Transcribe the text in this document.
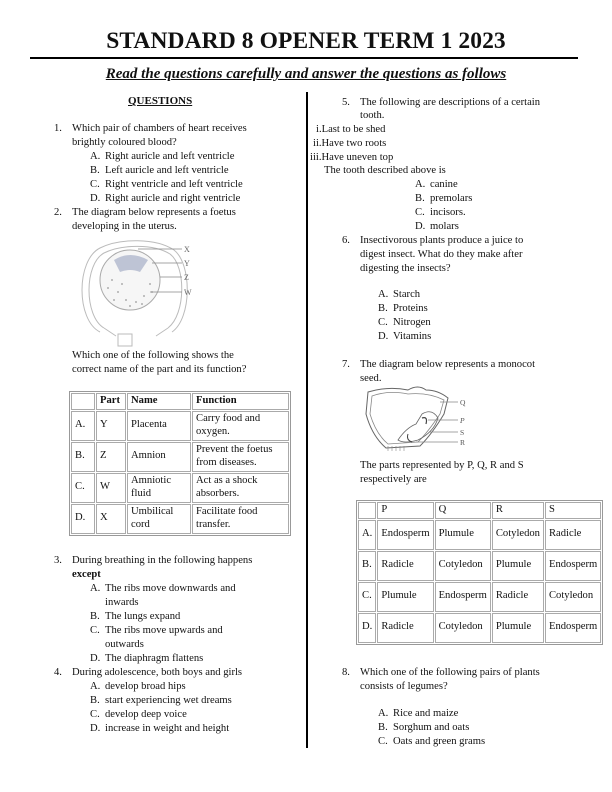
STANDARD 8 OPENER TERM 1 2023
Read the questions carefully and answer the questions as follows
QUESTIONS
1. Which pair of chambers of heart receives
brightly coloured blood?
A. Right auricle and left ventricle
B. Left auricle and left ventricle
C. Right ventricle and left ventricle
D. Right auricle and right ventricle
2. The diagram below represents a foetus
developing in the uterus.
X
Y
Z
W
Which one of the following shows the
correct name of the part and its function?
	Part	Name	Function
A.	Y	Placenta	Carry food and oxygen.
B.	Z	Amnion	Prevent the foetus from diseases.
C.	W	Amniotic fluid	Act as a shock absorbers.
D.	X	Umbilical cord	Facilitate food transfer.
3. During breathing in the following happens
except
A. The ribs move downwards and
inwards
B. The lungs expand
C. The ribs move upwards and
outwards
D. The diaphragm flattens
4. During adolescence, both boys and girls
A. develop broad hips
B. start experiencing wet dreams
C. develop deep voice
D. increase in weight and height
5. The following are descriptions of a certain
tooth.
i.Last to be shed
ii.Have two roots
iii.Have uneven top
The tooth described above is
A. canine
B. premolars
C. incisors.
D. molars
6. Insectivorous plants produce a juice to
digest insect. What do they make after
digesting the insects?
A. Starch
B. Proteins
C. Nitrogen
D. Vitamins
7. The diagram below represents a monocot
seed.
Q
P
S
R
The parts represented by P, Q, R and S
respectively are
	P	Q	R	S
A.	Endosperm	Plumule	Cotyledon	Radicle
B.	Radicle	Cotyledon	Plumule	Endosperm
C.	Plumule	Endosperm	Radicle	Cotyledon
D.	Radicle	Cotyledon	Plumule	Endosperm
8. Which one of the following pairs of plants
consists of legumes?
A. Rice and maize
B. Sorghum and oats
C. Oats and green grams
